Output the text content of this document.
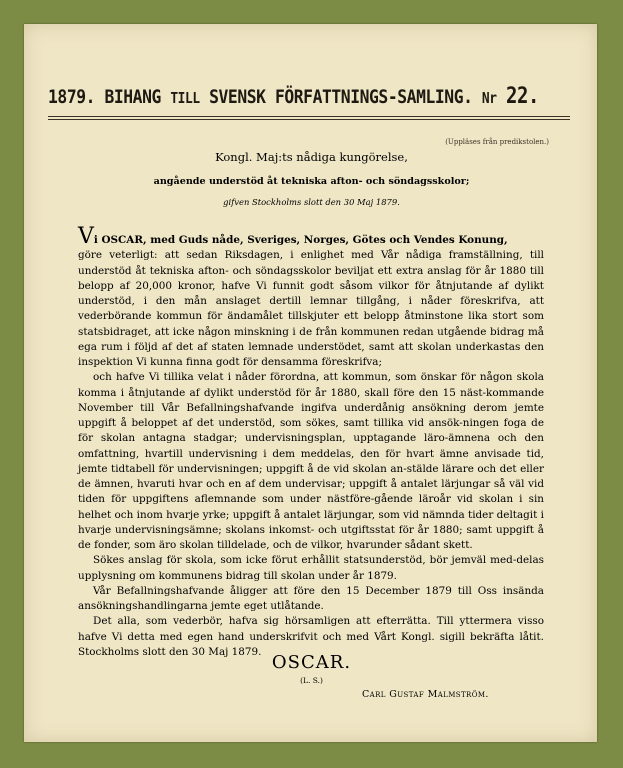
1879. BIHANG TILL SVENSK FÖRFATTNINGS-SAMLING. Nr 22.
(Uppläses från predikstolen.)
Kongl. Maj:ts nådiga kungörelse,
angående understöd åt tekniska afton- och söndagsskolor;
gifven Stockholms slott den 30 Maj 1879.

Vi OSCAR, med Guds nåde, Sveriges, Norges, Götes och Vendes Konung,

göre veterligt: att sedan Riksdagen, i enlighet med Vår nådiga framställning, till understöd åt tekniska afton- och söndagsskolor beviljat ett extra anslag för år 1880 till belopp af 20,000 kronor, hafve Vi funnit godt såsom vilkor för åtnjutande af dylikt understöd, i den mån anslaget dertill lemnar tillgång, i nåder föreskrifva, att vederbörande kommun för ändamålet tillskjuter ett belopp åtminstone lika stort som statsbidraget, att icke någon minskning i de från kommunen redan utgående bidrag må ega rum i följd af det af staten lemnade understödet, samt att skolan underkastas den inspektion Vi kunna finna godt för densamma föreskrifva;

och hafve Vi tillika velat i nåder förordna, att kommun, som önskar för någon skola komma i åtnjutande af dylikt understöd för år 1880, skall före den 15 näst-kommande November till Vår Befallningshafvande ingifva underdånig ansökning derom jemte uppgift å beloppet af det understöd, som sökes, samt tillika vid ansök-ningen foga de för skolan antagna stadgar; undervisningsplan, upptagande läro-ämnena och den omfattning, hvartill undervisning i dem meddelas, den för hvart ämne anvisade tid, jemte tidtabell för undervisningen; uppgift å de vid skolan an-stälde lärare och det eller de ämnen, hvaruti hvar och en af dem undervisar; uppgift å antalet lärjungar så väl vid tiden för uppgiftens aflemnande som under nästföre-gående läroår vid skolan i sin helhet och inom hvarje yrke; uppgift å antalet lärjungar, som vid nämnda tider deltagit i hvarje undervisningsämne; skolans inkomst- och utgiftsstat för år 1880; samt uppgift å de fonder, som äro skolan tilldelade, och de vilkor, hvarunder sådant skett.

Sökes anslag för skola, som icke förut erhållit statsunderstöd, bör jemväl med-delas upplysning om kommunens bidrag till skolan under år 1879.

Vår Befallningshafvande åligger att före den 15 December 1879 till Oss insända ansökningshandlingarna jemte eget utlåtande.

Det alla, som vederbör, hafva sig hörsamligen att efterrätta. Till yttermera visso hafve Vi detta med egen hand underskrifvit och med Vårt Kongl. sigill bekräfta låtit. Stockholms slott den 30 Maj 1879.

OSCAR.
(L. S.)
Carl Gustaf Malmström.
